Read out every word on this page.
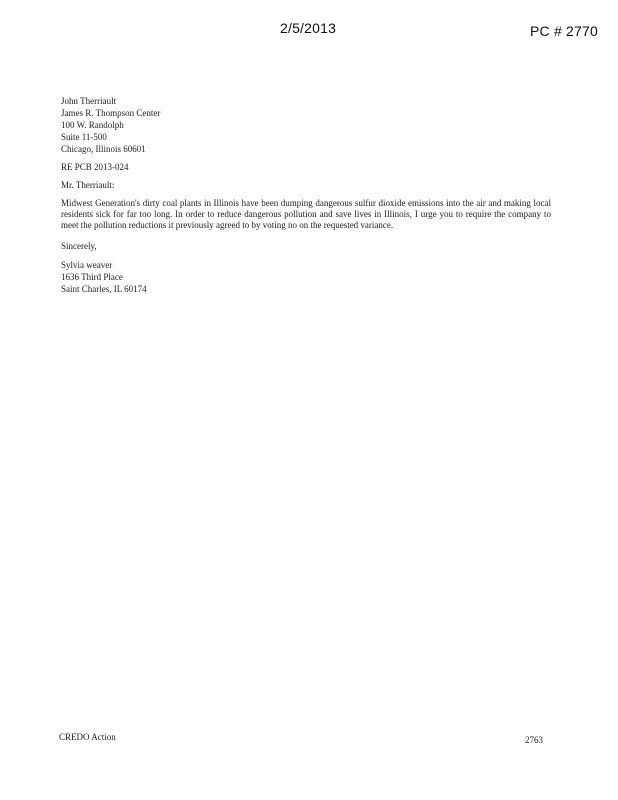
2/5/2013	PC # 2770
John Therriault
James R. Thompson Center
100 W. Randolph
Suite 11-500
Chicago, Illinois 60601
RE PCB 2013-024
Mr. Therriault:

Midwest Generation's dirty coal plants in Illinois have been dumping dangerous sulfur dioxide emissions into the air and making local residents sick for far too long. In order to reduce dangerous pollution and save lives in Illinois, I urge you to require the company to meet the pollution reductions it previously agreed to by voting no on the requested variance.

Sincerely,
Sylvia weaver
1636 Third Place
Saint Charles, IL 60174
CREDO Action	2763
